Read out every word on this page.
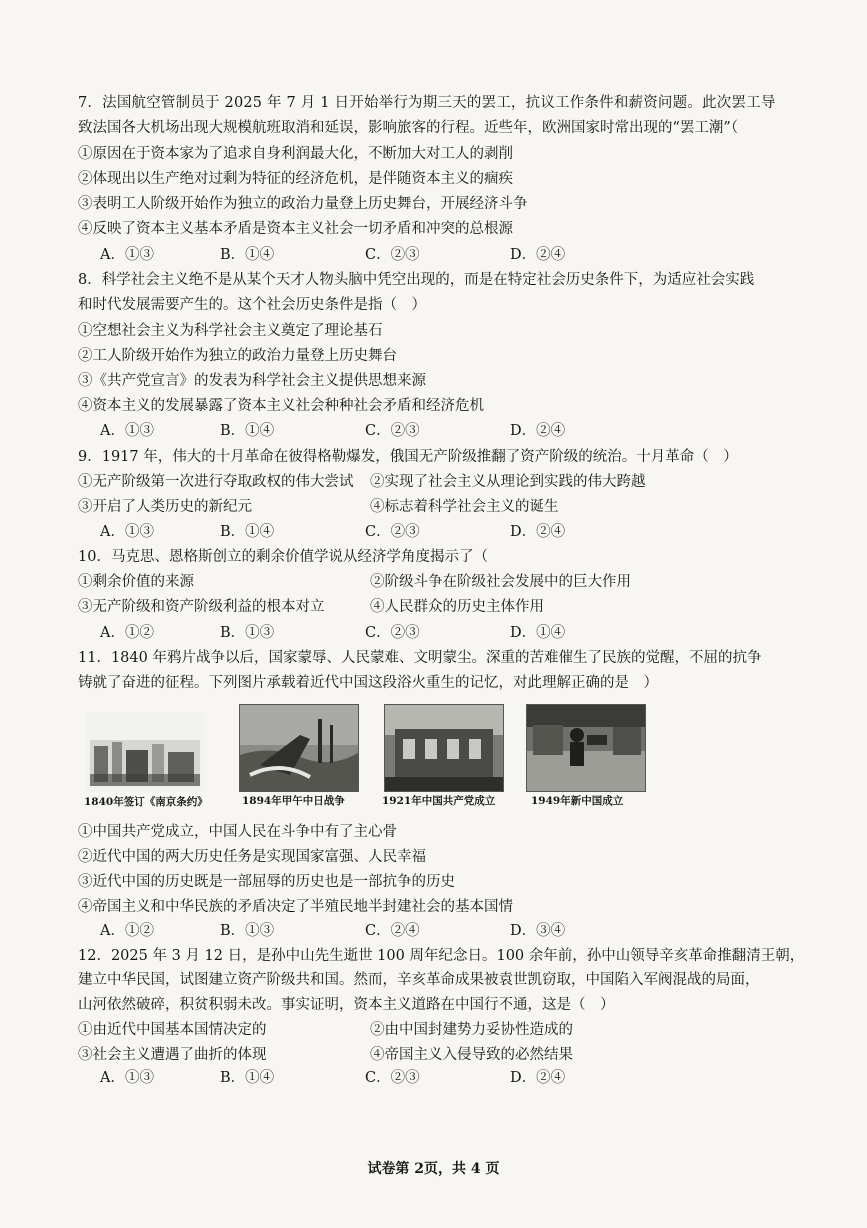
7．法国航空管制员于 2025 年 7 月 1 日开始举行为期三天的罢工，抗议工作条件和薪资问题。此次罢工导
致法国各大机场出现大规模航班取消和延误，影响旅客的行程。近些年，欧洲国家时常出现的“罢工潮”（
①原因在于资本家为了追求自身利润最大化，不断加大对工人的剥削
②体现出以生产绝对过剩为特征的经济危机，是伴随资本主义的痼疾
③表明工人阶级开始作为独立的政治力量登上历史舞台，开展经济斗争
④反映了资本主义基本矛盾是资本主义社会一切矛盾和冲突的总根源
A．①③	B．①④	C．②③	D．②④
8．科学社会主义绝不是从某个天才人物头脑中凭空出现的，而是在特定社会历史条件下，为适应社会实践
和时代发展需要产生的。这个社会历史条件是指（　）
①空想社会主义为科学社会主义奠定了理论基石
②工人阶级开始作为独立的政治力量登上历史舞台
③《共产党宣言》的发表为科学社会主义提供思想来源
④资本主义的发展暴露了资本主义社会种种社会矛盾和经济危机
A．①③	B．①④	C．②③	D．②④
9．1917 年，伟大的十月革命在彼得格勒爆发，俄国无产阶级推翻了资产阶级的统治。十月革命（　）
①无产阶级第一次进行夺取政权的伟大尝试 ②实现了社会主义从理论到实践的伟大跨越
③开启了人类历史的新纪元	④标志着科学社会主义的诞生
A．①③	B．①④	C．②③	D．②④
10．马克思、恩格斯创立的剩余价值学说从经济学角度揭示了（
①剩余价值的来源	②阶级斗争在阶级社会发展中的巨大作用
③无产阶级和资产阶级利益的根本对立	④人民群众的历史主体作用
A．①②	B．①③	C．②③	D．①④
11．1840 年鸦片战争以后，国家蒙辱、人民蒙难、文明蒙尘。深重的苦难催生了民族的觉醒，不屈的抗争
铸就了奋进的征程。下列图片承载着近代中国这段浴火重生的记忆，对此理解正确的是　）
1840年签订《南京条约》	1894年甲午中日战争	1921年中国共产党成立	1949年新中国成立
①中国共产党成立，中国人民在斗争中有了主心骨
②近代中国的两大历史任务是实现国家富强、人民幸福
③近代中国的历史既是一部屈辱的历史也是一部抗争的历史
④帝国主义和中华民族的矛盾决定了半殖民地半封建社会的基本国情
A．①②	B．①③	C．②④	D．③④
12．2025 年 3 月 12 日，是孙中山先生逝世 100 周年纪念日。100 余年前，孙中山领导辛亥革命推翻清王朝，
建立中华民国，试图建立资产阶级共和国。然而，辛亥革命成果被袁世凯窃取，中国陷入军阀混战的局面，
山河依然破碎，积贫积弱未改。事实证明，资本主义道路在中国行不通，这是（　）
①由近代中国基本国情决定的	②由中国封建势力妥协性造成的
③社会主义遭遇了曲折的体现	④帝国主义入侵导致的必然结果
A．①③	B．①④	C．②③	D．②④
试卷第 2页，共 4 页
